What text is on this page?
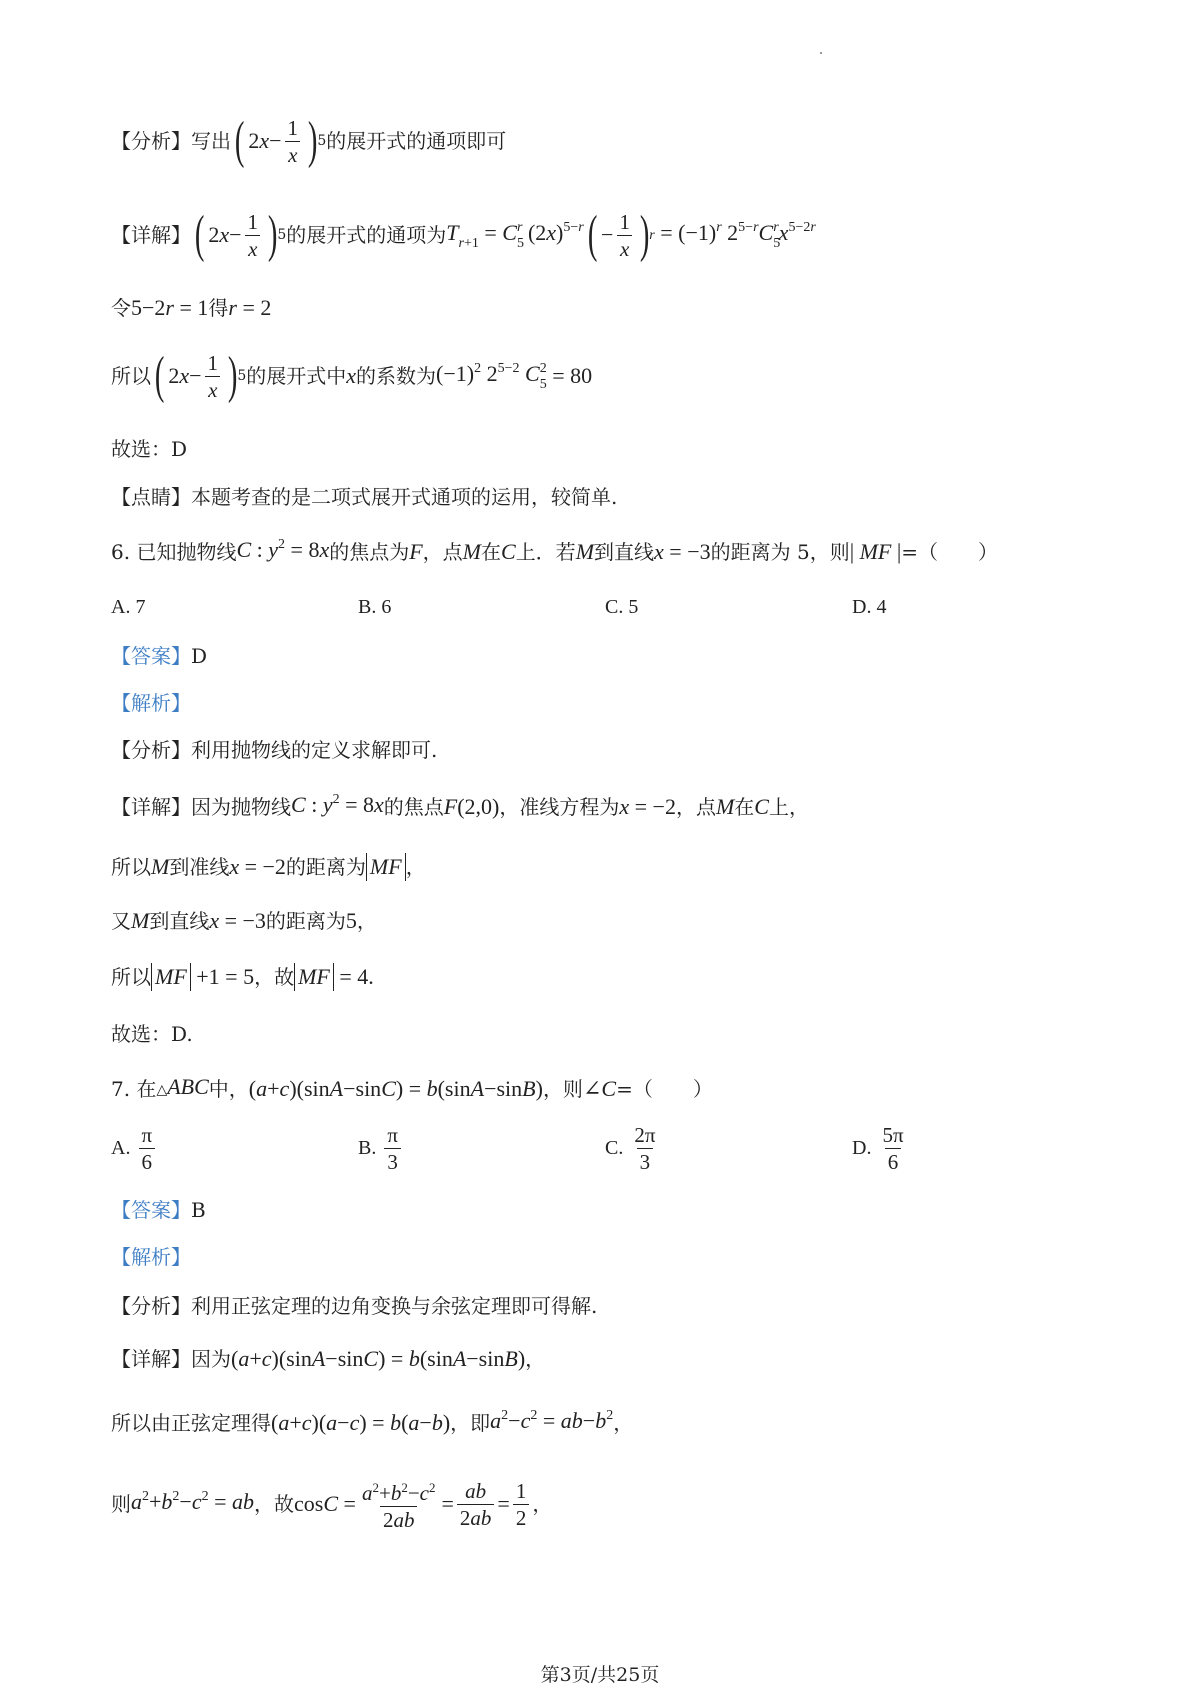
【分析】 写出 ( $2x- \frac{1}{x}$ ) 5 的展开式的通项即可
【详解】 ( $2x- \frac{1}{x}$ ) 5 的展开式的通项为 $T_{r+1} = C_5^r$ $(2x)^{5-r}$ ( − $\frac{1}{x}$ ) $r = (-1)^r$ $2^{5-r}C_5^rx^{5-2r}$
令 5−2r = 1 得 r = 2
所以 ( $2x- \frac{1}{x}$ ) 5 的展开式中 x 的系数为 $(-1)^2$ $2^{5-2}$ $C_5^2 = 80$
故选：D
【点睛】 本题考查的是二项式展开式通项的运用，较简单.
6.
已知抛物线 C : $y^2 = 8x$ 的焦点为 F ，点 M 在 C 上．若 M 到直线 x = −3 的距离为 5，则 | MF | =（　　）
A. 7	B. 6	C. 5	D. 4
【答案】 D
【解析】
【分析】 利用抛物线的定义求解即可.
【详解】 因为抛物线 C : $y^2 = 8x$ 的焦点 F(2,0) ，准线方程为 x = −2 ，点 M 在 C 上，
所以 M 到准线 x = −2 的距离为 MF ，
又 M 到直线 x = −3 的距离为 5 ，
所以 MF +1 = 5 ，故 MF = 4.
故选：D.
7.
在 △ABC 中， (a+c)(sinA−sinC) = b(sinA−sinB) ，则 ∠C =（　　）
A.
$\frac{\pi}{6}$	B.
$\frac{\pi}{3}$	C.
$\frac{2\pi}{3}$	D.
$\frac{5\pi}{6}$
【答案】 B
【解析】
【分析】 利用正弦定理的边角变换与余弦定理即可得解.
【详解】 因为 (a+c)(sinA−sinC) = b(sinA−sinB) ，
所以由正弦定理得 (a+c)(a−c) = b(a−b) ，即 $a^2-c^2 = ab-b^2$ ，
则 $a^2+b^2-c^2$ = ab ，故 $\cos C = \frac{a^2+b^2-c^2}{2ab} = \frac{ab}{2ab} = \frac{1}{2}$ ，
第3页/共25页
